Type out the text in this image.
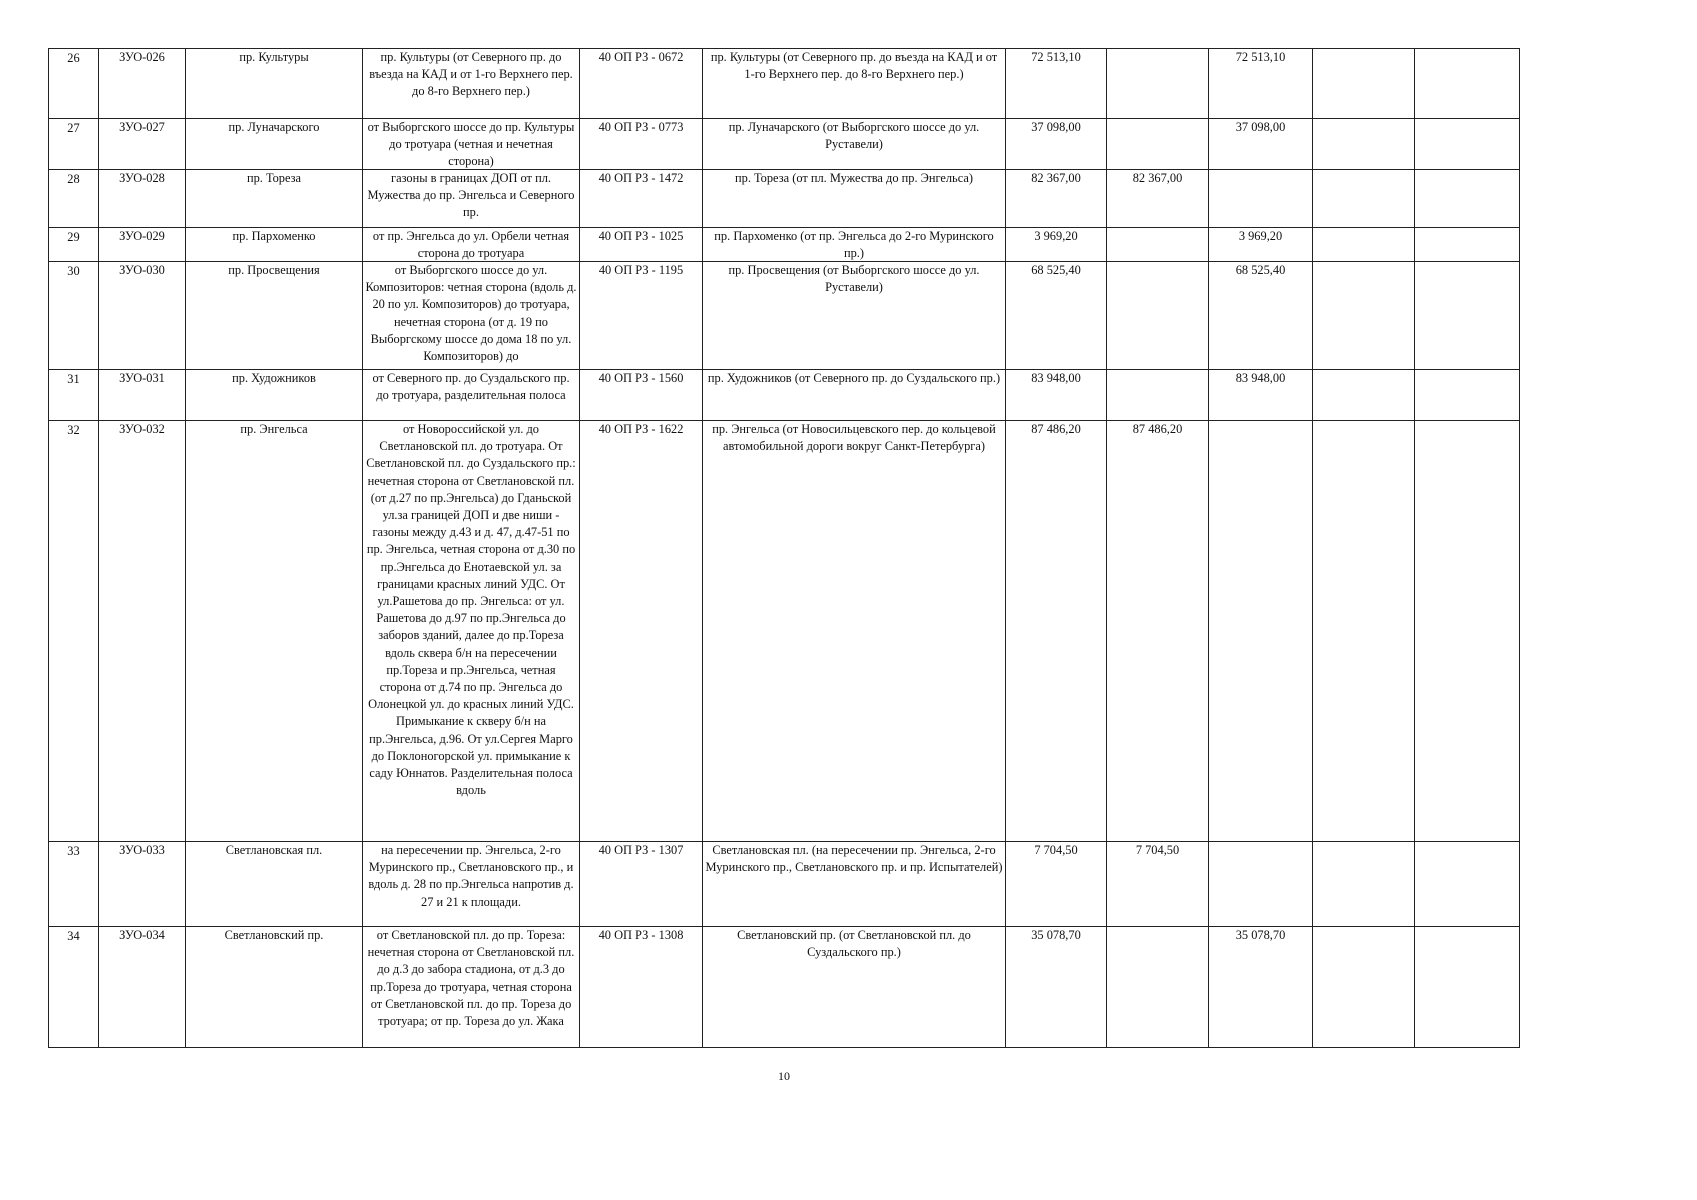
26	ЗУО-026	пр. Культуры	пр. Культуры (от Северного пр. до въезда на КАД и от 1-го Верхнего пер. до 8-го Верхнего пер.)	40 ОП РЗ - 0672	пр. Культуры (от Северного пр. до въезда на КАД и от 1-го Верхнего пер. до 8-го Верхнего пер.)	72 513,10		72 513,10		

27	ЗУО-027	пр. Луначарского	от Выборгского шоссе до пр. Культуры до тротуара (четная и нечетная сторона)	40 ОП РЗ - 0773	пр. Луначарского (от Выборгского шоссе до ул. Руставели)	37 098,00		37 098,00		

28	ЗУО-028	пр. Тореза	газоны в границах ДОП от пл. Мужества до пр. Энгельса и Северного пр.	40 ОП РЗ - 1472	пр. Тореза (от пл. Мужества до пр. Энгельса)	82 367,00	82 367,00			

29	ЗУО-029	пр. Пархоменко	от пр. Энгельса до ул. Орбели четная сторона до тротуара	40 ОП РЗ - 1025	пр. Пархоменко (от пр. Энгельса до 2-го Муринского пр.)	3 969,20		3 969,20		

30	ЗУО-030	пр. Просвещения	от Выборгского шоссе до ул. Композиторов: четная сторона (вдоль д. 20 по ул. Композиторов) до тротуара, нечетная сторона (от д. 19 по Выборгскому шоссе до дома 18 по ул. Композиторов) до	40 ОП РЗ - 1195	пр. Просвещения (от Выборгского шоссе до ул. Руставели)	68 525,40		68 525,40		

31	ЗУО-031	пр. Художников	от Северного пр. до Суздальского пр. до тротуара, разделительная полоса	40 ОП РЗ - 1560	пр. Художников (от Северного пр. до Суздальского пр.)	83 948,00		83 948,00		

32	ЗУО-032	пр. Энгельса	от Новороссийской ул. до Светлановской пл. до тротуара. От Светлановской пл. до Суздальского пр.: нечетная сторона от Светлановской пл. (от д.27 по пр.Энгельса) до Гданьской ул.за границей ДОП и две ниши - газоны между д.43 и д. 47, д.47-51 по пр. Энгельса, четная сторона от д.30 по пр.Энгельса до Енотаевской ул. за границами красных линий УДС. От ул.Рашетова до пр. Энгельса: от ул. Рашетова до д.97 по пр.Энгельса до заборов зданий, далее до пр.Тореза вдоль сквера б/н на пересечении пр.Тореза и пр.Энгельса, четная сторона от д.74 по пр. Энгельса до Олонецкой ул. до красных линий УДС. Примыкание к скверу б/н на пр.Энгельса, д.96. От ул.Сергея Марго до Поклоногорской ул. примыкание к саду Юннатов. Разделительная полоса вдоль	40 ОП РЗ - 1622	пр. Энгельса (от Новосильцевского пер. до кольцевой автомобильной дороги вокруг Санкт-Петербурга)	87 486,20	87 486,20			

33	ЗУО-033	Светлановская пл.	на пересечении пр. Энгельса, 2-го Муринского пр., Светлановского пр., и вдоль д. 28 по пр.Энгельса напротив д. 27 и 21 к площади.	40 ОП РЗ - 1307	Светлановская пл. (на пересечении пр. Энгельса, 2-го Муринского пр., Светлановского пр. и пр. Испытателей)	7 704,50	7 704,50			

34	ЗУО-034	Светлановский пр.	от Светлановской пл. до пр. Тореза: нечетная сторона от Светлановской пл. до д.3 до забора стадиона, от д.3 до пр.Тореза до тротуара, четная сторона от Светлановской пл. до пр. Тореза до тротуара; от пр. Тореза до ул. Жака	40 ОП РЗ - 1308	Светлановский пр. (от Светлановской пл. до Суздальского пр.)	35 078,70		35 078,70		

10
